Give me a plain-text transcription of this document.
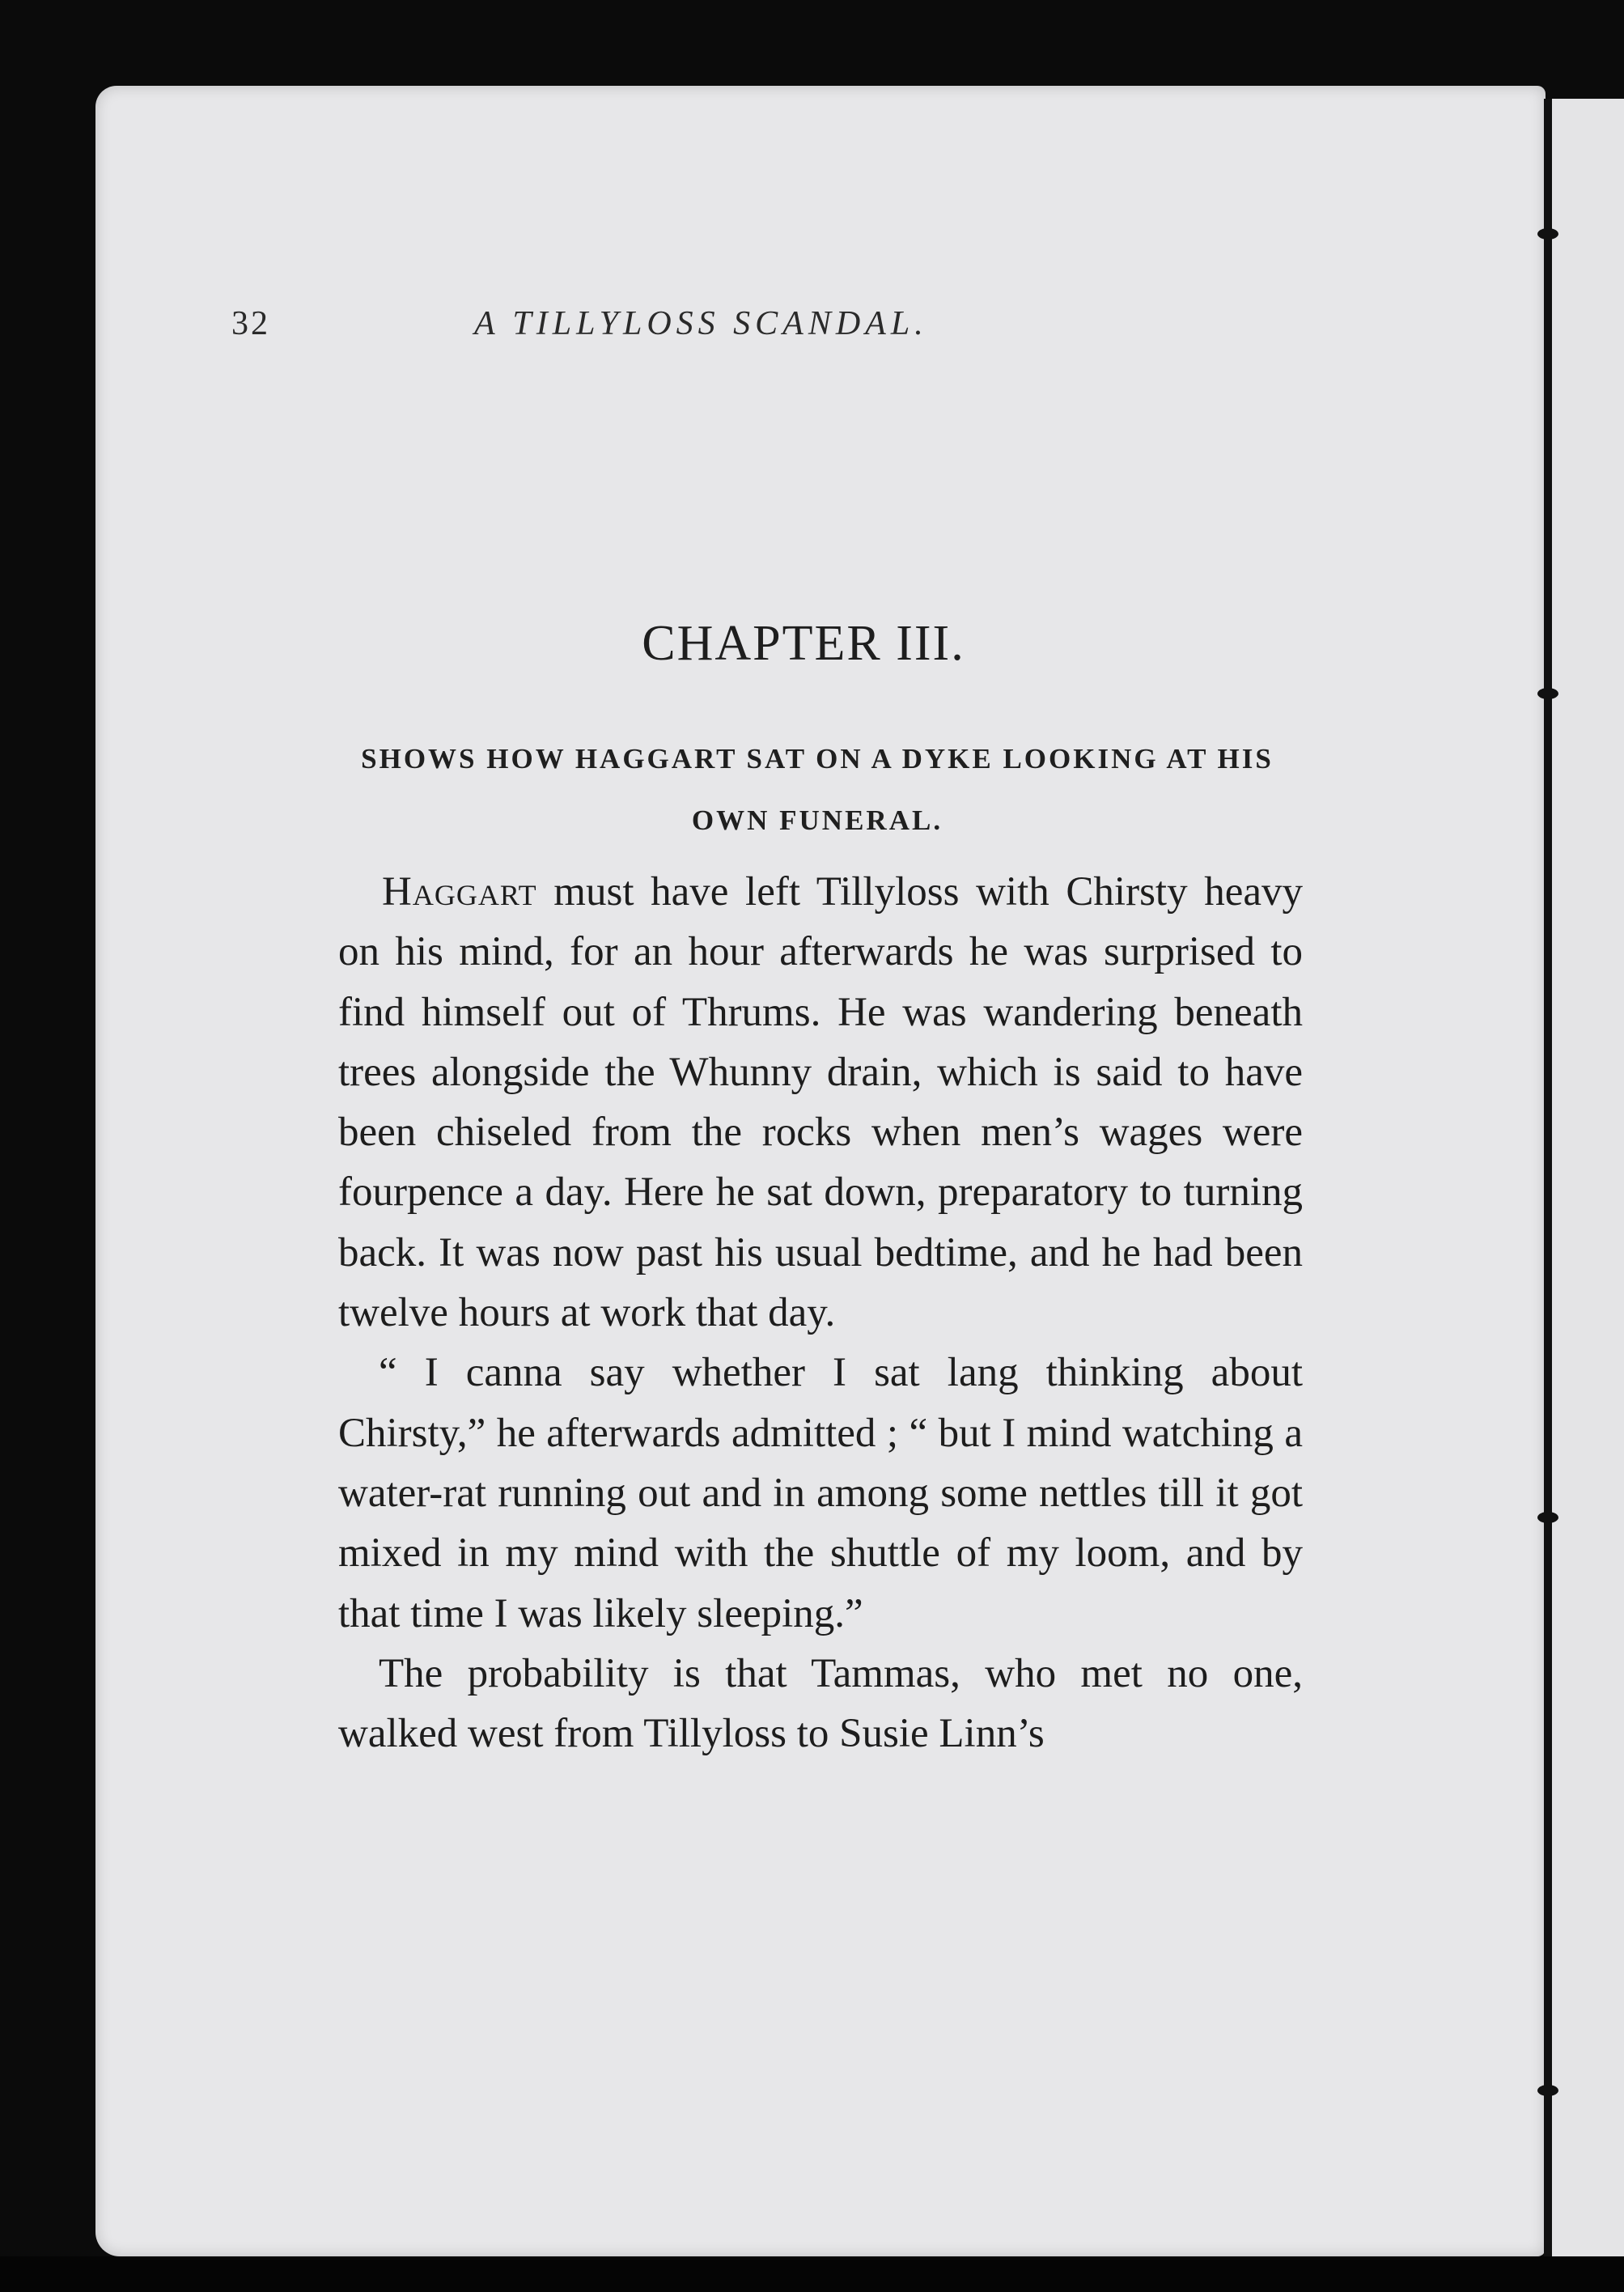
32	A TILLYLOSS SCANDAL.
CHAPTER III.
SHOWS HOW HAGGART SAT ON A DYKE LOOKING AT HIS OWN FUNERAL.

Haggart must have left Tillyloss with Chirsty heavy on his mind, for an hour afterwards he was surprised to find himself out of Thrums. He was wandering beneath trees alongside the Whunny drain, which is said to have been chiseled from the rocks when men’s wages were fourpence a day. Here he sat down, preparatory to turning back. It was now past his usual bedtime, and he had been twelve hours at work that day.

“ I canna say whether I sat lang thinking about Chirsty,” he afterwards admitted ; “ but I mind watching a water-rat running out and in among some nettles till it got mixed in my mind with the shuttle of my loom, and by that time I was likely sleeping.”

The probability is that Tammas, who met no one, walked west from Tillyloss to Susie Linn’s
